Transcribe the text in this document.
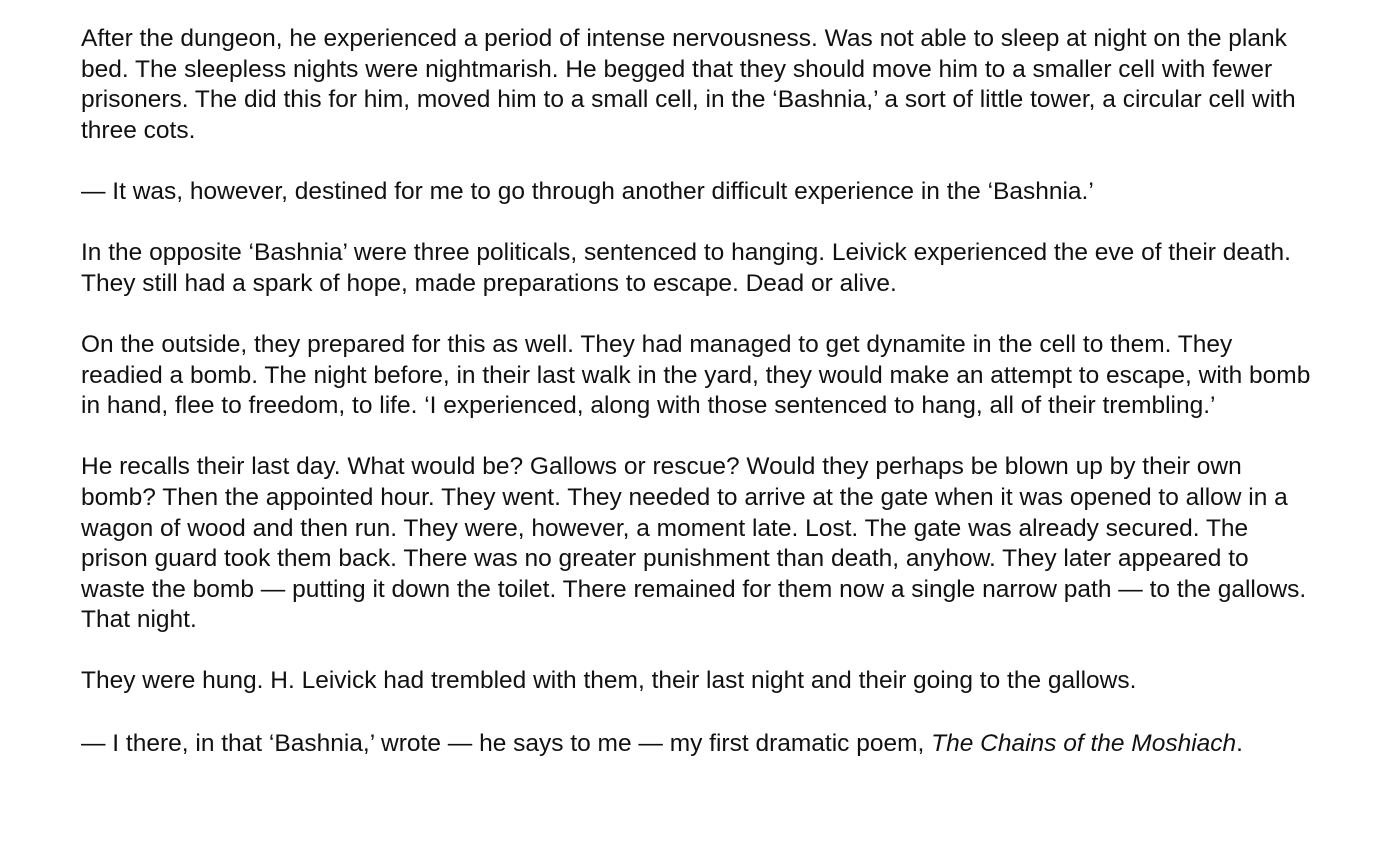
After the dungeon, he experienced a period of intense nervousness. Was not able to sleep at night on the plank bed. The sleepless nights were nightmarish. He begged that they should move him to a smaller cell with fewer prisoners. The did this for him, moved him to a small cell, in the ‘Bashnia,’ a sort of little tower, a circular cell with three cots.

— It was, however, destined for me to go through another difficult experience in the ‘Bashnia.’

In the opposite ‘Bashnia’ were three politicals, sentenced to hanging. Leivick experienced the eve of their death. They still had a spark of hope, made preparations to escape. Dead or alive.

On the outside, they prepared for this as well. They had managed to get dynamite in the cell to them. They readied a bomb. The night before, in their last walk in the yard, they would make an attempt to escape, with bomb in hand, flee to freedom, to life. ‘I experienced, along with those sentenced to hang, all of their trembling.’

He recalls their last day. What would be? Gallows or rescue? Would they perhaps be blown up by their own bomb? Then the appointed hour. They went. They needed to arrive at the gate when it was opened to allow in a wagon of wood and then run. They were, however, a moment late. Lost. The gate was already secured. The prison guard took them back. There was no greater punishment than death, anyhow. They later appeared to waste the bomb — putting it down the toilet. There remained for them now a single narrow path — to the gallows. That night.

They were hung. H. Leivick had trembled with them, their last night and their going to the gallows.

— I there, in that ‘Bashnia,’ wrote — he says to me — my first dramatic poem, The Chains of the Moshiach.
